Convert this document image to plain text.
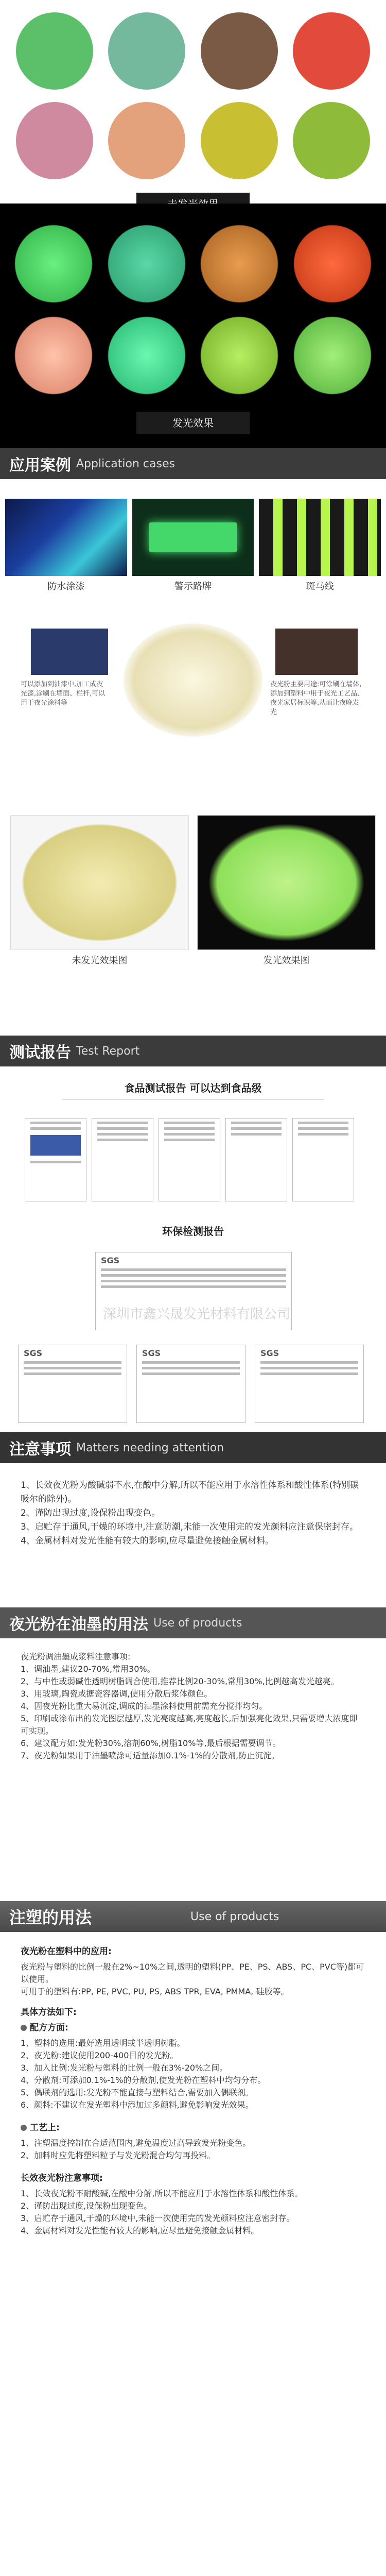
发光效果
应用案例 Application cases
防水涂漆	警示路牌	斑马线
可以添加到油漆中,加工成夜光漆,涂刷在墙面、栏杆,可以用于夜光涂料等
夜光粉主要用途:可涂刷在墙体,添加到塑料中用于夜光工艺品、夜光家居标识等,从而让夜晚发光
未发光效果图	发光效果图
测试报告 Test Report
食品测试报告 可以达到食品级
环保检测报告
SGS
SGS	SGS	SGS
深圳市鑫兴晟发光材料有限公司
注意事项 Matters needing attention
1、长效夜光粉为酸碱弱不水,在酸中分解,所以不能应用于水溶性体系和酸性体系(特别碳吸尔的除外)。
2、谨防出现过度,设保粉出现变色。
3、启贮存于通风,干燥的环境中,注意防潮,未能一次使用完的发光颜料应注意保密封存。
4、金属材料对发光性能有较大的影响,应尽量避免接触金属材料。
夜光粉在油墨的用法 Use of products
夜光粉调油墨成浆料注意事项:
1、调油墨,建议20-70%,常用30%。
2、与中性或弱碱性透明树脂调合使用,推荐比例20-30%,常用30%,比例越高发光越亮。
3、用玻璃,陶瓷或搪瓷容器调,使用分散后浆体颜色。
4、因夜光粉比重大易沉淀,调成的油墨涂料使用前需充分搅拌均匀。
5、印刷或涂布出的发光图层越厚,发光亮度越高,亮度越长,后加强亮化效果,只需要增大浓度即可实现。
6、建议配方如:发光粉30%,溶剂60%,树脂10%等,最后根据需要调节。
7、夜光粉如果用于油墨喷涂可适量添加0.1%-1%的分散剂,防止沉淀。
注塑的用法	Use of products
夜光粉在塑料中的应用:
夜光粉与塑料的比例一般在2%~10%之间,透明的塑料(PP、PE、PS、ABS、PC、PVC等)都可以使用。
可用于的塑料有:PP, PE, PVC, PU, PS, ABS TPR, EVA, PMMA, 硅胶等。
具体方法如下:
配方方面:
1、塑料的选用:最好选用透明或半透明树脂。
2、夜光粉:建议使用200-400目的发光粉。
3、加入比例:发光粉与塑料的比例一般在3%-20%之间。
4、分散剂:可添加0.1%-1%的分散剂,使发光粉在塑料中均匀分布。
5、偶联剂的选用:发光粉不能直接与塑料结合,需要加入偶联剂。
6、颜料:不建议在发光塑料中添加过多颜料,避免影响发光效果。
工艺上:
1、注塑温度控制在合适范围内,避免温度过高导致发光粉变色。
2、加料时应先将塑料粒子与发光粉混合均匀再投料。
长效夜光粉注意事项:
1、长效夜光粉不耐酸碱,在酸中分解,所以不能应用于水溶性体系和酸性体系。
2、谨防出现过度,设保粉出现变色。
3、启贮存于通风,干燥的环境中,未能一次使用完的发光颜料应注意密封存。
4、金属材料对发光性能有较大的影响,应尽量避免接触金属材料。
